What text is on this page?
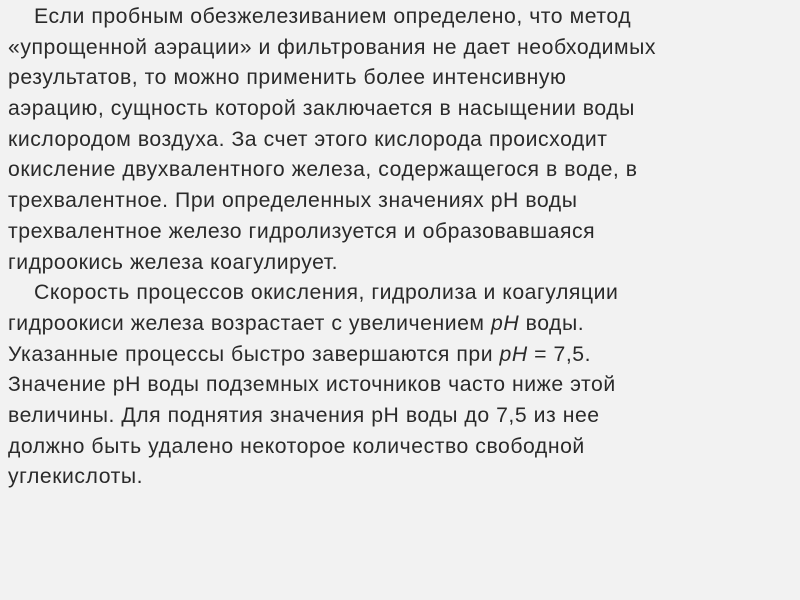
Если пробным обезжелезиванием определено, что метод
«упрощенной аэрации» и фильтрования не дает необходимых
результатов, то можно применить более интенсивную
аэрацию, сущность которой заключается в насыщении воды
кислородом воздуха. За счет этого кислорода происходит
окисление двухвалентного железа, содержащегося в воде, в
трехвалентное. При определенных значениях pH воды
трехвалентное железо гидролизуется и образовавшаяся
гидроокись железа коагулирует.
Скорость процессов окисления, гидролиза и коагуляции
гидроокиси железа возрастает с увеличением pH воды.
Указанные процессы быстро завершаются при pH = 7,5.
Значение pH воды подземных источников часто ниже этой
величины. Для поднятия значения pH воды до 7,5 из нее
должно быть удалено некоторое количество свободной
углекислоты.
